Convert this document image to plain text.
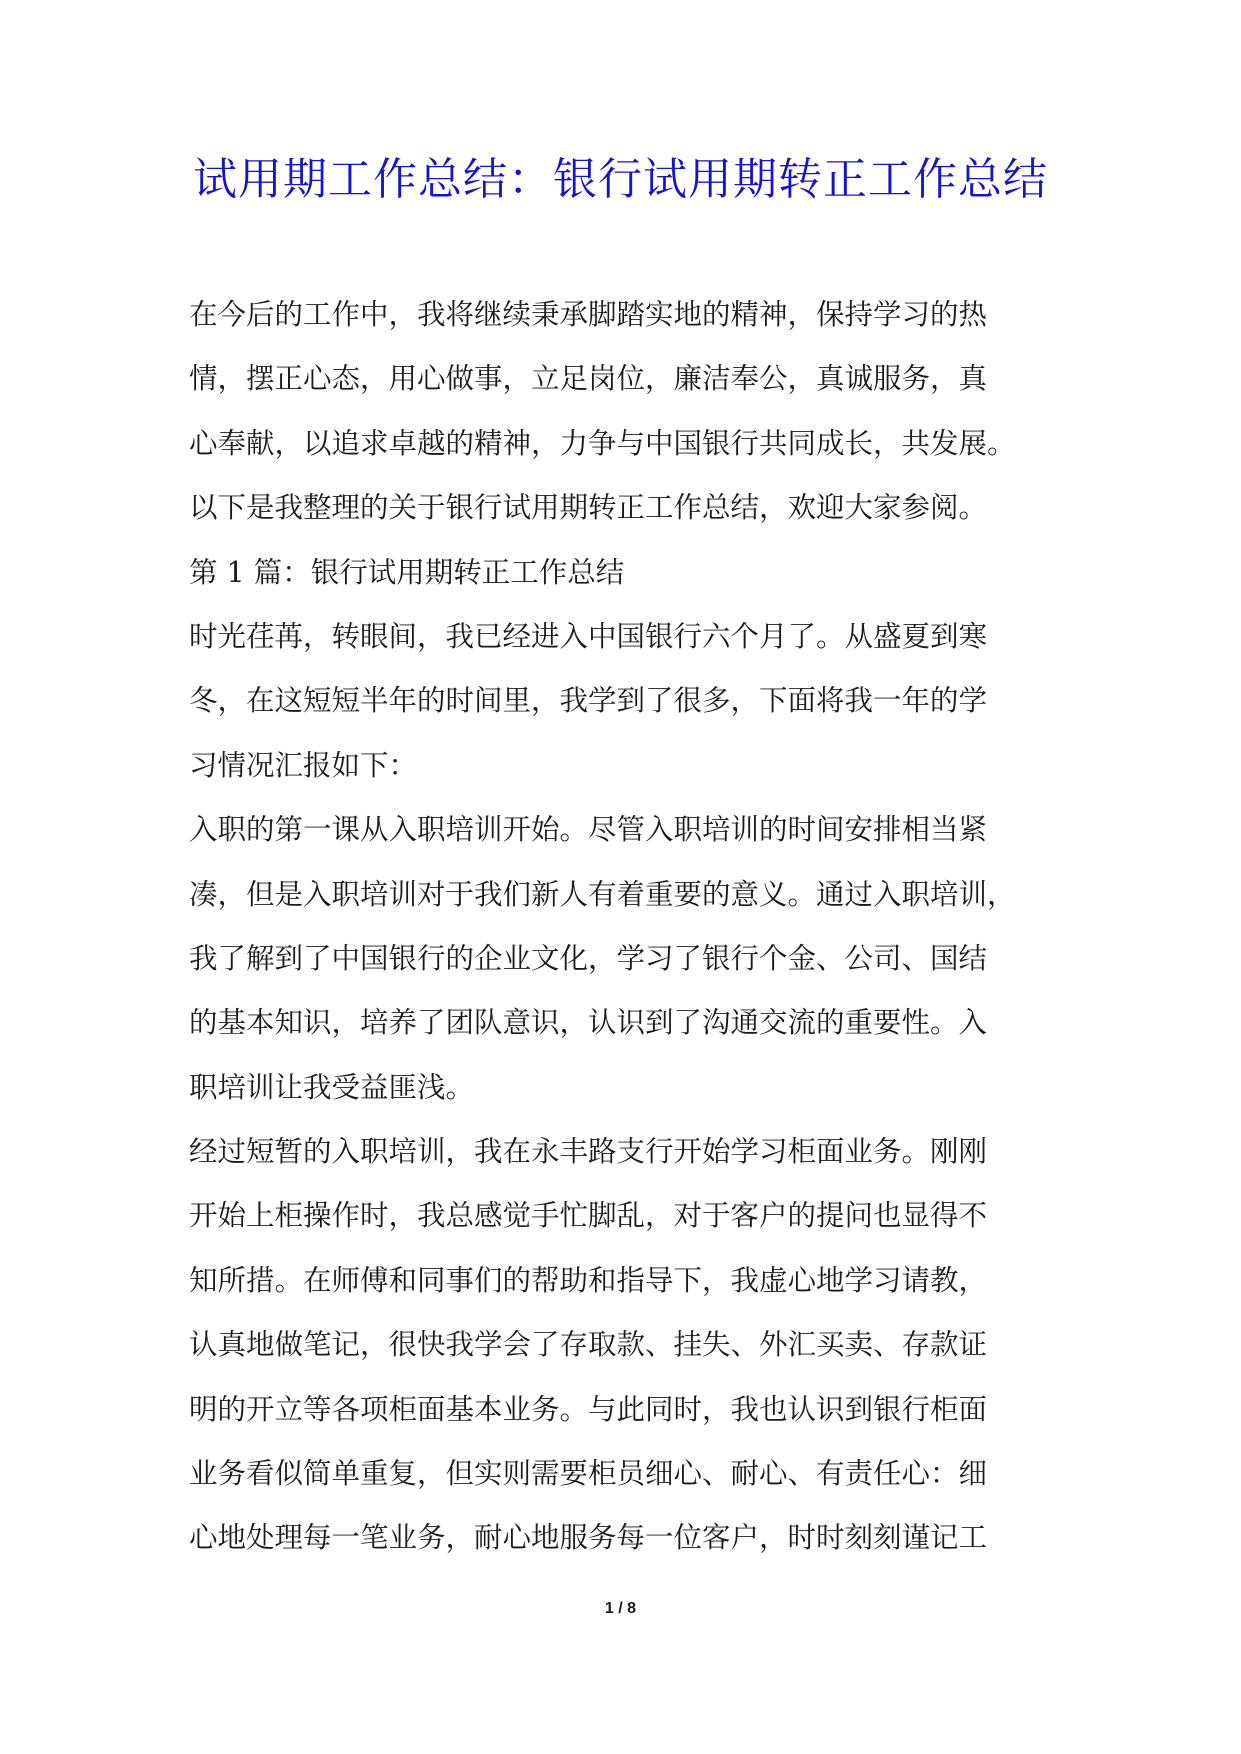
试用期工作总结：银行试用期转正工作总结
在今后的工作中，我将继续秉承脚踏实地的精神，保持学习的热
情，摆正心态，用心做事，立足岗位，廉洁奉公，真诚服务，真
心奉献，以追求卓越的精神，力争与中国银行共同成长，共发展。
以下是我整理的关于银行试用期转正工作总结，欢迎大家参阅。
第 1 篇：银行试用期转正工作总结
时光荏苒，转眼间，我已经进入中国银行六个月了。从盛夏到寒
冬，在这短短半年的时间里，我学到了很多，下面将我一年的学
习情况汇报如下：
入职的第一课从入职培训开始。尽管入职培训的时间安排相当紧
凑，但是入职培训对于我们新人有着重要的意义。通过入职培训，
我了解到了中国银行的企业文化，学习了银行个金、公司、国结
的基本知识，培养了团队意识，认识到了沟通交流的重要性。入
职培训让我受益匪浅。
经过短暂的入职培训，我在永丰路支行开始学习柜面业务。刚刚
开始上柜操作时，我总感觉手忙脚乱，对于客户的提问也显得不
知所措。在师傅和同事们的帮助和指导下，我虚心地学习请教，
认真地做笔记，很快我学会了存取款、挂失、外汇买卖、存款证
明的开立等各项柜面基本业务。与此同时，我也认识到银行柜面
业务看似简单重复，但实则需要柜员细心、耐心、有责任心：细
心地处理每一笔业务，耐心地服务每一位客户，时时刻刻谨记工
1 / 8
